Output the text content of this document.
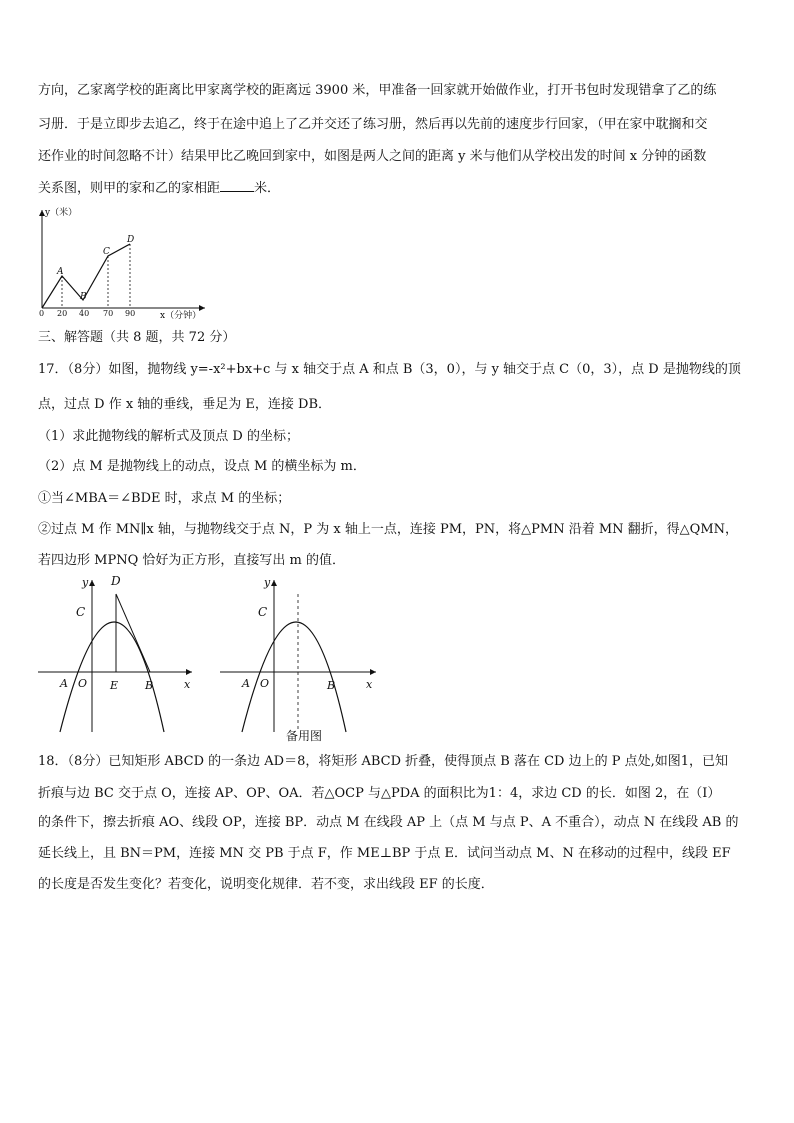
方向，乙家离学校的距离比甲家离学校的距离远 3900 米，甲准备一回家就开始做作业，打开书包时发现错拿了乙的练
习册．于是立即步去追乙，终于在途中追上了乙并交还了练习册，然后再以先前的速度步行回家，（甲在家中耽搁和交
还作业的时间忽略不计）结果甲比乙晚回到家中，如图是两人之间的距离 y 米与他们从学校出发的时间 x 分钟的函数
关系图，则甲的家和乙的家相距	米．
y（米）
x（分钟）
0 20 40 70 90
A
B
C
D
三、解答题（共 8 题，共 72 分）
17．（8分）如图，抛物线 y=-x²+bx+c 与 x 轴交于点 A 和点 B（3，0），与 y 轴交于点 C（0，3），点 D 是抛物线的顶
点，过点 D 作 x 轴的垂线，垂足为 E，连接 DB．
（1）求此抛物线的解析式及顶点 D 的坐标；
（2）点 M 是抛物线上的动点，设点 M 的横坐标为 m．
①当∠MBA＝∠BDE 时，求点 M 的坐标；
②过点 M 作 MN∥x 轴，与抛物线交于点 N，P 为 x 轴上一点，连接 PM，PN，将△PMN 沿着 MN 翻折，得△QMN，
若四边形 MPNQ 恰好为正方形，直接写出 m 的值．
y
x
D
C
A O E B
y
x
C
A O	B
备用图
18．（8分）已知矩形 ABCD 的一条边 AD＝8，将矩形 ABCD 折叠，使得顶点 B 落在 CD 边上的 P 点处,如图1，已知
折痕与边 BC 交于点 O，连接 AP、OP、OA．若△OCP 与△PDA 的面积比为1：4，求边 CD 的长．如图 2，在（Ⅰ）
的条件下，擦去折痕 AO、线段 OP，连接 BP．动点 M 在线段 AP 上（点 M 与点 P、A 不重合），动点 N 在线段 AB 的
延长线上，且 BN＝PM，连接 MN 交 PB 于点 F，作 ME⊥BP 于点 E．试问当动点 M、N 在移动的过程中，线段 EF
的长度是否发生变化？若变化，说明变化规律．若不变，求出线段 EF 的长度．
